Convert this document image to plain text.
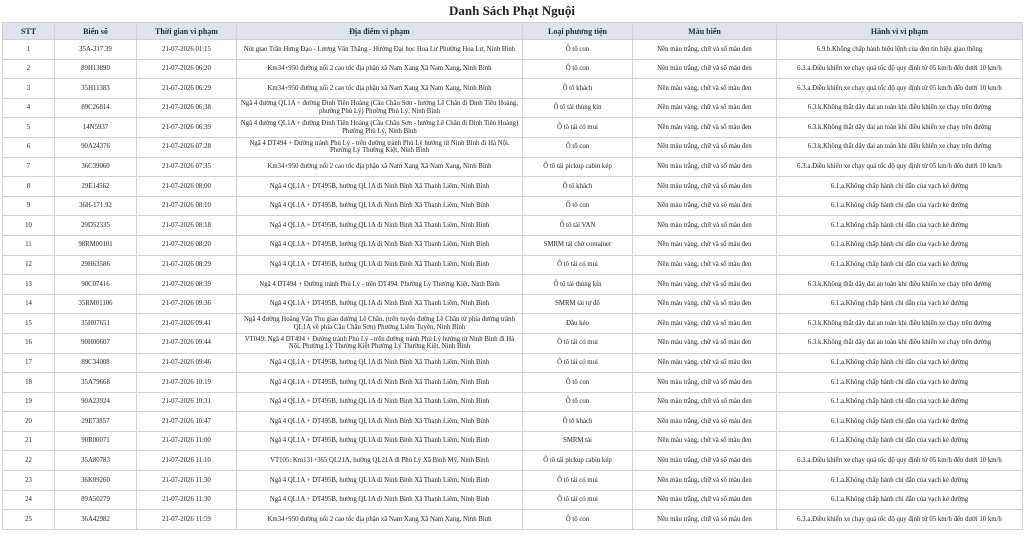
Danh Sách Phạt Nguội
STT	Biển số	Thời gian vi phạm	Địa điểm vi phạm	Loại phương tiện	Màu biển	Hành vi vi phạm
1	35A-317.39	21-07-2026 01:15	Nút giao Trần Hưng Đạo - Lương Văn Thăng - Hướng Đại học Hoa Lư Phường Hoa Lư, Ninh Bình	Ô tô con	Nền màu trắng, chữ và số màu đen	6.9.b.Không chấp hành hiệu lệnh của đèn tín hiệu giao thông
2	89H13890	21-07-2026 06:20	Km34+950 đường nối 2 cao tốc địa phận xã Nam Xang Xã Nam Xang, Ninh Bình	Ô tô con	Nền màu trắng, chữ và số màu đen	6.3.a.Điều khiển xe chạy quá tốc độ quy định từ 05 km/h đến dưới 10 km/h
3	35H11383	21-07-2026 06:29	Km34+950 đường nối 2 cao tốc địa phận xã Nam Xang Xã Nam Xang, Ninh Bình	Ô tô khách	Nền màu vàng, chữ và số màu đen	6.3.a.Điều khiển xe chạy quá tốc độ quy định từ 05 km/h đến dưới 10 km/h
4	89C26814	21-07-2026 06:38	Ngã 4 đường QL1A + đường Đinh Tiên Hoàng (Cầu Châu Sơn - hướng Lê Chân đi Đinh Tiên Hoàng, phường Phủ Lý) Phường Phủ Lý, Ninh Bình	Ô tô tải thùng kín	Nền màu vàng, chữ và số màu đen	6.3.k.Không thắt dây đai an toàn khi điều khiển xe chạy trên đường
5	14N5937	21-07-2026 06:39	Ngã 4 đường QL1A + đường Đinh Tiên Hoàng (Cầu Châu Sơn - hướng Lê Chân đi Đinh Tiên Hoàng) Phường Phủ Lý, Ninh Bình	Ô tô tải có mui	Nền màu vàng, chữ và số màu đen	6.3.k.Không thắt dây đai an toàn khi điều khiển xe chạy trên đường
6	90A24376	21-07-2026 07:28	Ngã 4 DT494 + Đường tránh Phủ Lý - trên đường tránh Phủ Lý hướng từ Ninh Bình đi Hà Nội. Phường Lý Thường Kiệt, Ninh Bình	Ô tô con	Nền màu trắng, chữ và số màu đen	6.3.k.Không thắt dây đai an toàn khi điều khiển xe chạy trên đường
7	36C39060	21-07-2026 07:35	Km34+950 đường nối 2 cao tốc địa phận xã Nam Xang Xã Nam Xang, Ninh Bình	Ô tô tải pickup cabin kép	Nền màu trắng, chữ và số màu đen	6.3.a.Điều khiển xe chạy quá tốc độ quy định từ 05 km/h đến dưới 10 km/h
8	29E14562	21-07-2026 08:00	Ngã 4 QL1A + DT495B, hướng QL1A đi Ninh Bình Xã Thanh Liêm, Ninh Bình	Ô tô khách	Nền màu trắng, chữ và số màu đen	6.1.a.Không chấp hành chỉ dẫn của vạch kẻ đường
9	36H-171.92	21-07-2026 08:10	Ngã 4 QL1A + DT495B, hướng QL1A đi Ninh Bình Xã Thanh Liêm, Ninh Bình	Ô tô con	Nền màu trắng, chữ và số màu đen	6.1.a.Không chấp hành chỉ dẫn của vạch kẻ đường
10	29D52335	21-07-2026 08:18	Ngã 4 QL1A + DT495B, hướng QL1A đi Ninh Bình Xã Thanh Liêm, Ninh Bình	Ô tô tải VAN	Nền màu trắng, chữ và số màu đen	6.1.a.Không chấp hành chỉ dẫn của vạch kẻ đường
11	98RM00101	21-07-2026 08:20	Ngã 4 QL1A + DT495B, hướng QL1A đi Ninh Bình Xã Thanh Liêm, Ninh Bình	SMRM tải chở container	Nền màu vàng, chữ và số màu đen	6.1.a.Không chấp hành chỉ dẫn của vạch kẻ đường
12	29H63586	21-07-2026 08:29	Ngã 4 QL1A + DT495B, hướng QL1A đi Ninh Bình Xã Thanh Liêm, Ninh Bình	Ô tô tải có mui	Nền màu vàng, chữ và số màu đen	6.1.a.Không chấp hành chỉ dẫn của vạch kẻ đường
13	90C07416	21-07-2026 08:39	Ngã 4 DT494 + Đường tránh Phủ Lý - trên DT494. Phường Lý Thường Kiệt, Ninh Bình	Ô tô tải thùng kín	Nền màu vàng, chữ và số màu đen	6.3.k.Không thắt dây đai an toàn khi điều khiển xe chạy trên đường
14	35RM01106	21-07-2026 09:36	Ngã 4 QL1A + DT495B, hướng QL1A đi Ninh Bình Xã Thanh Liêm, Ninh Bình	SMRM tải tự đổ	Nền màu vàng, chữ và số màu đen	6.1.a.Không chấp hành chỉ dẫn của vạch kẻ đường
15	35H07651	21-07-2026 09:41	Ngã 4 đường Hoàng Văn Thụ giao đường Lê Chân, (trên tuyến đường Lê Chân từ phía đường tránh QL1A về phía Cầu Châu Sơn) Phường Liêm Tuyền, Ninh Bình	Đầu kéo	Nền màu vàng, chữ và số màu đen	6.3.k.Không thắt dây đai an toàn khi điều khiển xe chạy trên đường
16	90H00607	21-07-2026 09:44	VT049: Ngã 4 DT494 + Đường tránh Phủ Lý - trên đường tránh Phủ Lý hướng từ Ninh Bình đi Hà Nội, Phường Lý Thường Kiệt Phường Lý Thường Kiệt, Ninh Bình	Ô tô tải có mui	Nền màu vàng, chữ và số màu đen	6.3.k.Không thắt dây đai an toàn khi điều khiển xe chạy trên đường
17	89C34008	21-07-2026 09:46	Ngã 4 QL1A + DT495B, hướng QL1A đi Ninh Bình Xã Thanh Liêm, Ninh Bình	Ô tô tải có mui	Nền màu vàng, chữ và số màu đen	6.1.a.Không chấp hành chỉ dẫn của vạch kẻ đường
18	35A79668	21-07-2026 10:19	Ngã 4 QL1A + DT495B, hướng QL1A đi Ninh Bình Xã Thanh Liêm, Ninh Bình	Ô tô con	Nền màu trắng, chữ và số màu đen	6.1.a.Không chấp hành chỉ dẫn của vạch kẻ đường
19	90A23924	21-07-2026 10:31	Ngã 4 QL1A + DT495B, hướng QL1A đi Ninh Bình Xã Thanh Liêm, Ninh Bình	Ô tô con	Nền màu trắng, chữ và số màu đen	6.1.a.Không chấp hành chỉ dẫn của vạch kẻ đường
20	29E73857	21-07-2026 10:47	Ngã 4 QL1A + DT495B, hướng QL1A đi Ninh Bình Xã Thanh Liêm, Ninh Bình	Ô tô khách	Nền màu trắng, chữ và số màu đen	6.1.a.Không chấp hành chỉ dẫn của vạch kẻ đường
21	90R00071	21-07-2026 11:00	Ngã 4 QL1A + DT495B, hướng QL1A đi Ninh Bình Xã Thanh Liêm, Ninh Bình	SMRM tải	Nền màu vàng, chữ và số màu đen	6.1.a.Không chấp hành chỉ dẫn của vạch kẻ đường
22	35A80783	21-07-2026 11:10	VT105: Km131+365 QL21A, hướng QL21A đi Phủ Lý Xã Bình Mỹ, Ninh Bình	Ô tô tải pickup cabin kép	Nền màu trắng, chữ và số màu đen	6.3.a.Điều khiển xe chạy quá tốc độ quy định từ 05 km/h đến dưới 10 km/h
23	36K89260	21-07-2026 11:30	Ngã 4 QL1A + DT495B, hướng QL1A đi Ninh Bình Xã Thanh Liêm, Ninh Bình	Ô tô tải có mui	Nền màu trắng, chữ và số màu đen	6.1.a.Không chấp hành chỉ dẫn của vạch kẻ đường
24	89A50279	21-07-2026 11:30	Ngã 4 QL1A + DT495B, hướng QL1A đi Ninh Bình Xã Thanh Liêm, Ninh Bình	Ô tô tải có mui	Nền màu trắng, chữ và số màu đen	6.1.a.Không chấp hành chỉ dẫn của vạch kẻ đường
25	36A42982	21-07-2026 11:59	Km34+950 đường nối 2 cao tốc địa phận xã Nam Xang Xã Nam Xang, Ninh Bình	Ô tô con	Nền màu trắng, chữ và số màu đen	6.3.a.Điều khiển xe chạy quá tốc độ quy định từ 05 km/h đến dưới 10 km/h
